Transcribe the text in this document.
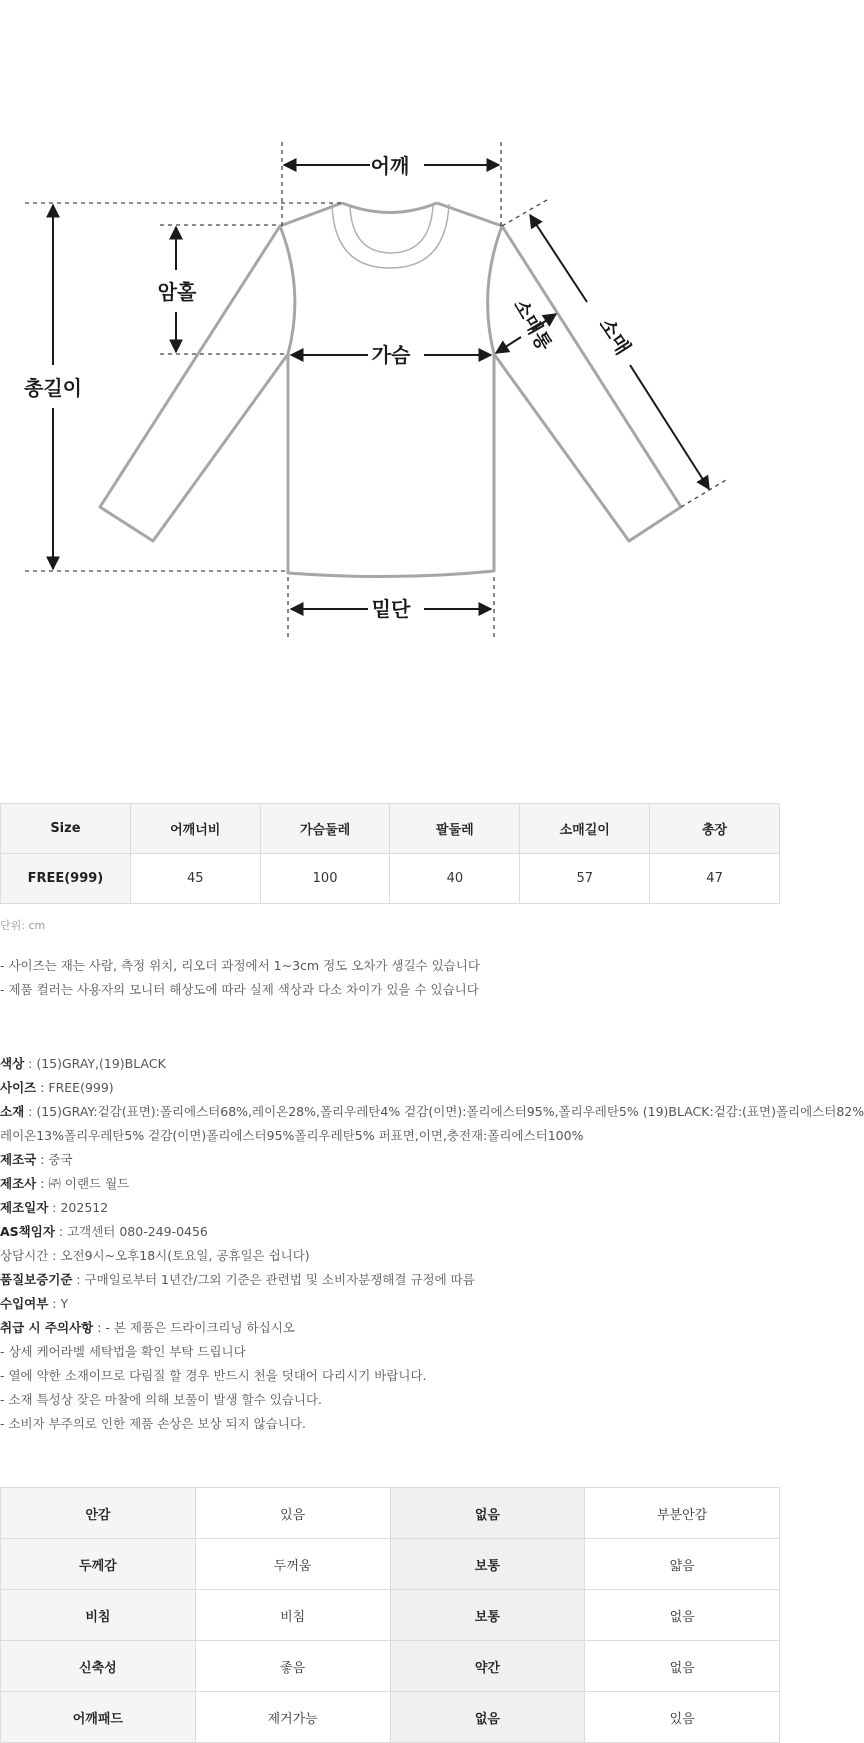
어깨
암홀
총길이
가슴
소매통 소매
밑단
Size	어깨너비	가슴둘레	팔둘레	소매길이	총장
FREE(999)	45	100	40	57	47
단위: cm
- 사이즈는 재는 사람, 측정 위치, 리오더 과정에서 1~3cm 정도 오차가 생길수 있습니다
- 제품 컬러는 사용자의 모니터 해상도에 따라 실제 색상과 다소 차이가 있을 수 있습니다
색상 : (15)GRAY,(19)BLACK
사이즈 : FREE(999)
소재 : (15)GRAY:겉감(표면):폴리에스터68%,레이온28%,폴리우레탄4% 겉감(이면):폴리에스터95%,폴리우레탄5% (19)BLACK:겉감:(표면)폴리에스터82%
레이온13%폴리우레탄5% 겉감(이면)폴리에스터95%폴리우레탄5% 퍼표면,이면,충전재:폴리에스터100%
제조국 : 중국
제조사 : ㈜ 이랜드 월드
제조일자 : 202512
AS책임자 : 고객센터 080-249-0456
상담시간 : 오전9시~오후18시(토요일, 공휴일은 쉽니다)
품질보증기준 : 구매일로부터 1년간/그외 기준은 관련법 및 소비자분쟁해결 규정에 따름
수입여부 : Y
취급 시 주의사항 : - 본 제품은 드라이크리닝 하십시오
- 상세 케어라벨 세탁법을 확인 부탁 드립니다
- 열에 약한 소재이므로 다림질 할 경우 반드시 천을 덧대어 다리시기 바랍니다.
- 소재 특성상 잦은 마찰에 의해 보풀이 발생 할수 있습니다.
- 소비자 부주의로 인한 제품 손상은 보상 되지 않습니다.
안감	있음	없음	부분안감
두께감	두꺼움	보통	얇음
비침	비침	보통	없음
신축성	좋음	약간	없음
어깨패드	제거가능	없음	있음
